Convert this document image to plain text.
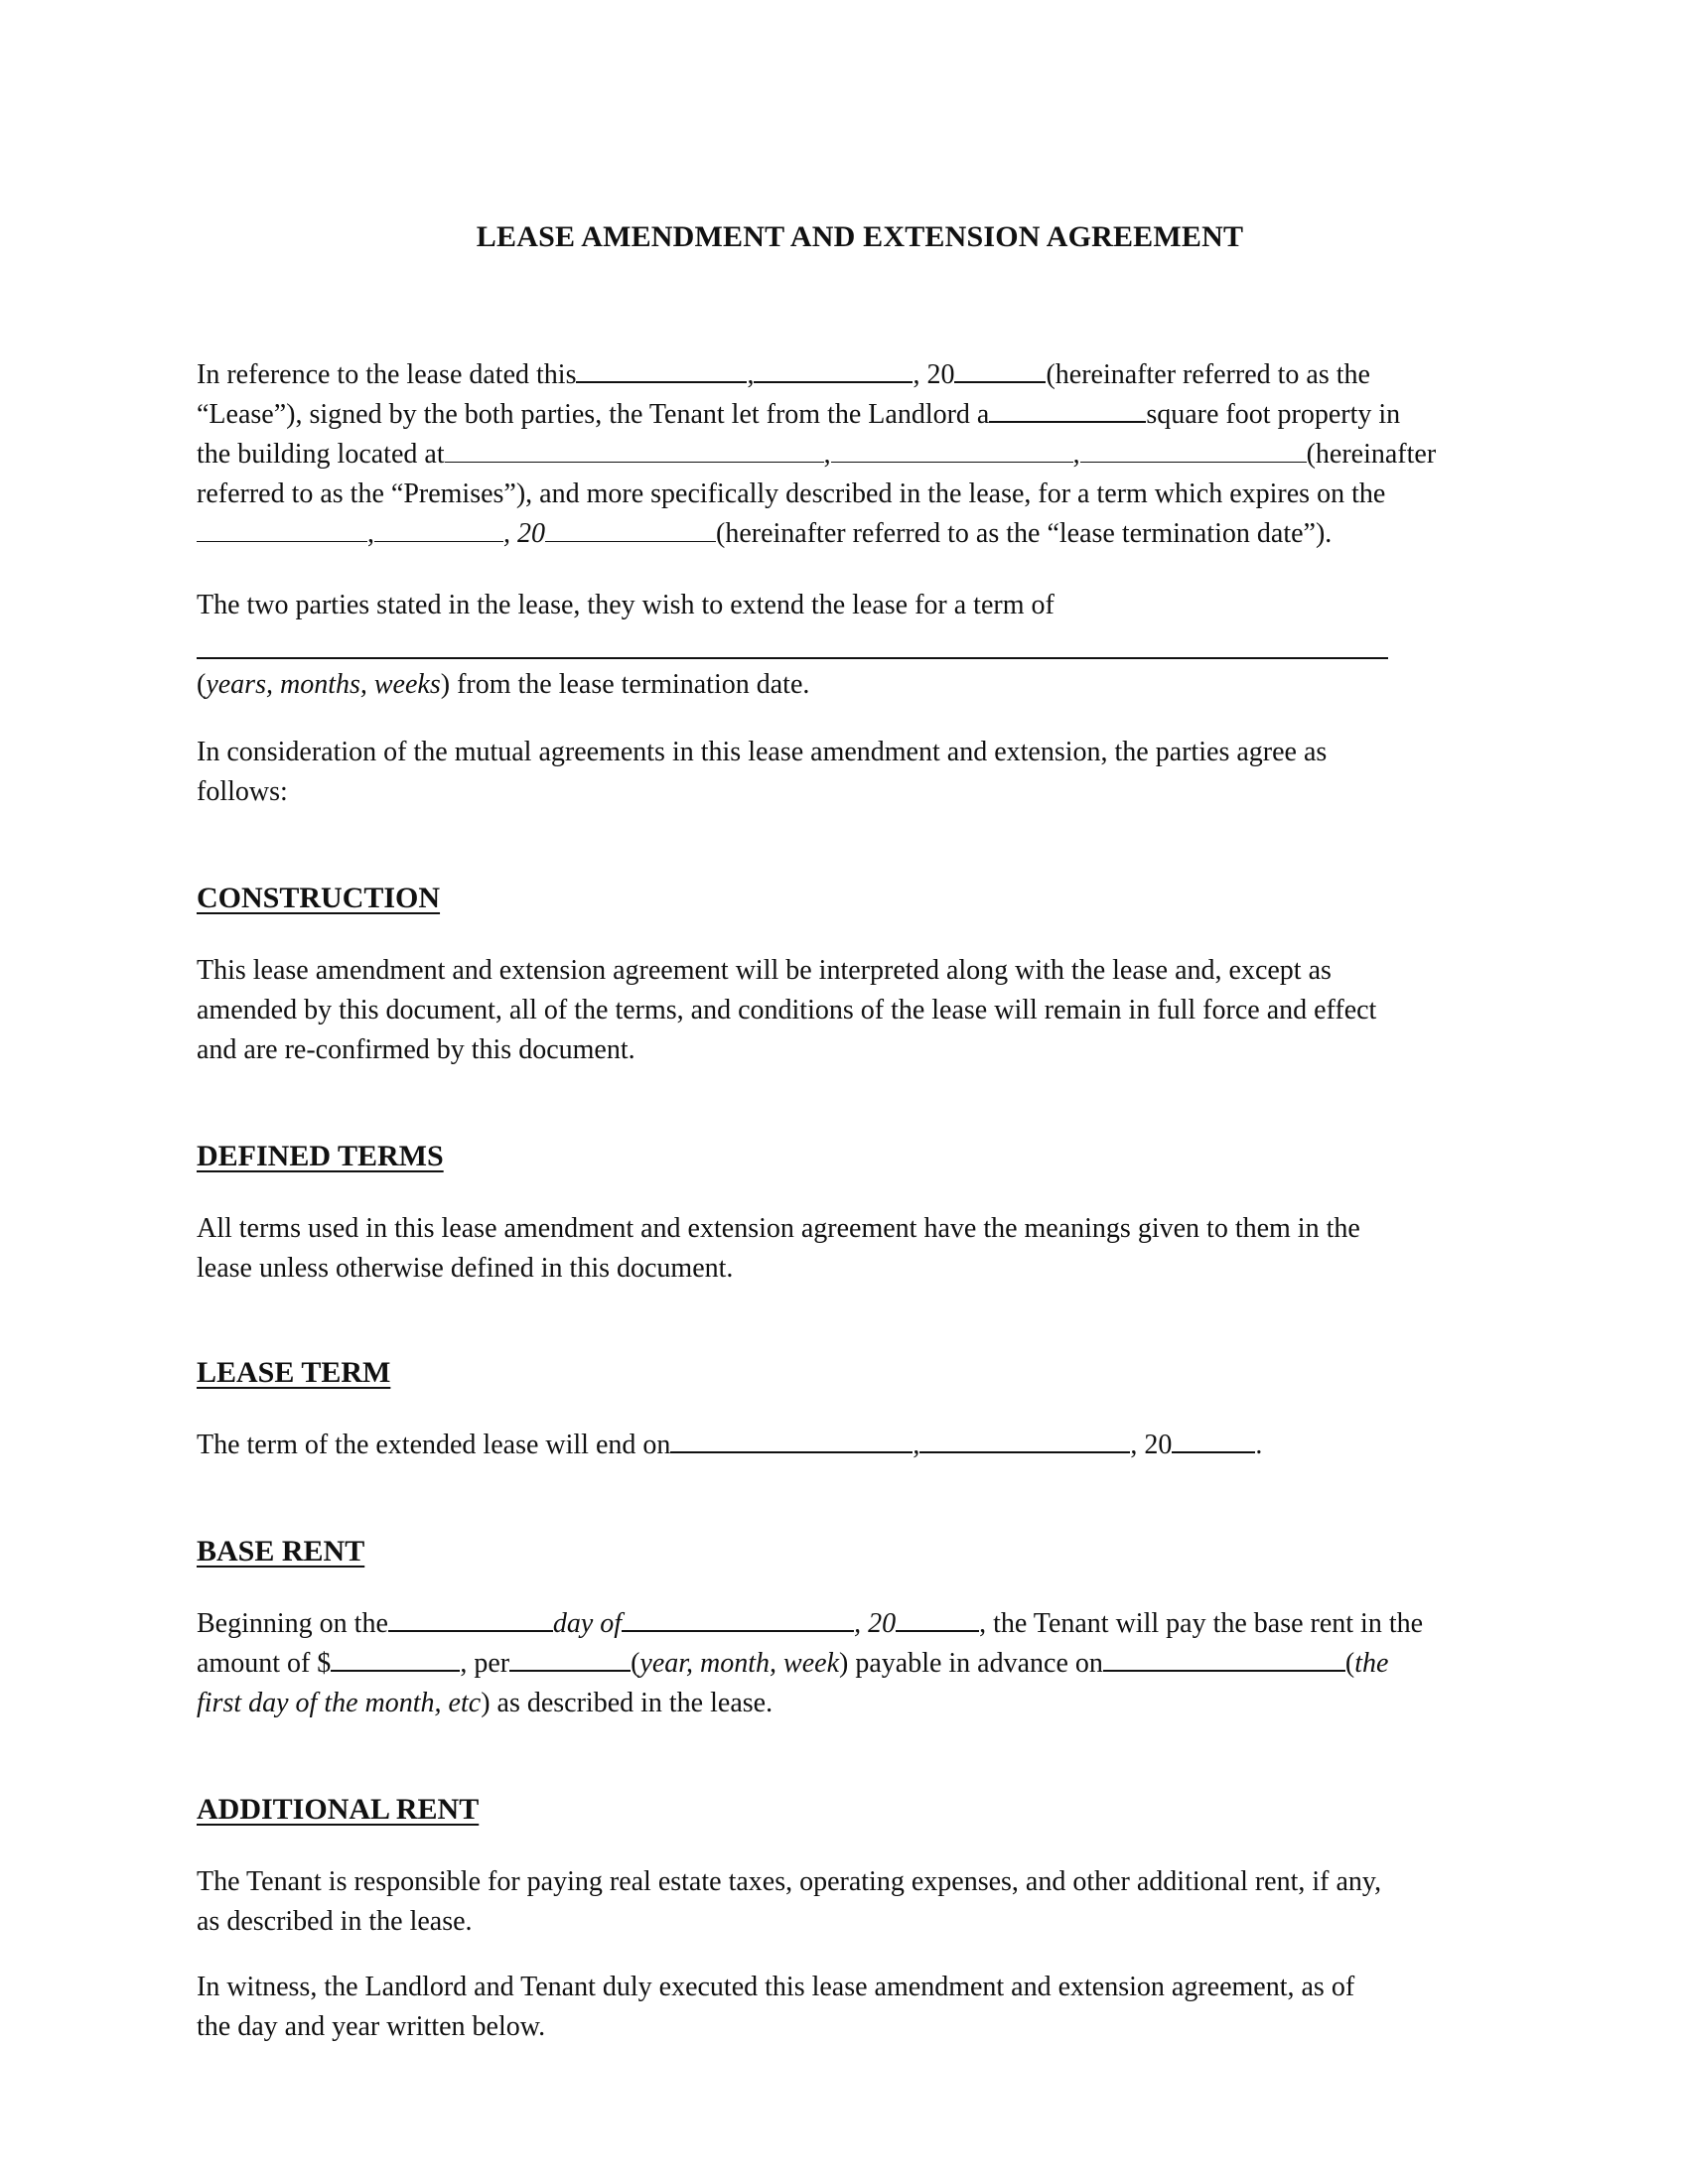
LEASE AMENDMENT AND EXTENSION AGREEMENT
In reference to the lease dated this	,	, 20	(hereinafter referred to as the
“Lease”), signed by the both parties, the Tenant let from the Landlord a	square foot property in
the building located at	,	,	(hereinafter
referred to as the “Premises”), and more specifically described in the lease, for a term which expires on the
,	, 20	(hereinafter referred to as the “lease termination date”).
The two parties stated in the lease, they wish to extend the lease for a term of
(years, months, weeks) from the lease termination date.
In consideration of the mutual agreements in this lease amendment and extension, the parties agree as
follows:
CONSTRUCTION
This lease amendment and extension agreement will be interpreted along with the lease and, except as
amended by this document, all of the terms, and conditions of the lease will remain in full force and effect
and are re-confirmed by this document.
DEFINED TERMS
All terms used in this lease amendment and extension agreement have the meanings given to them in the
lease unless otherwise defined in this document.
LEASE TERM
The term of the extended lease will end on	,	, 20	.
BASE RENT
Beginning on the	day of	, 20	, the Tenant will pay the base rent in the
amount of $	, per	(year, month, week) payable in advance on	(the
first day of the month, etc) as described in the lease.
ADDITIONAL RENT
The Tenant is responsible for paying real estate taxes, operating expenses, and other additional rent, if any,
as described in the lease.
In witness, the Landlord and Tenant duly executed this lease amendment and extension agreement, as of
the day and year written below.
